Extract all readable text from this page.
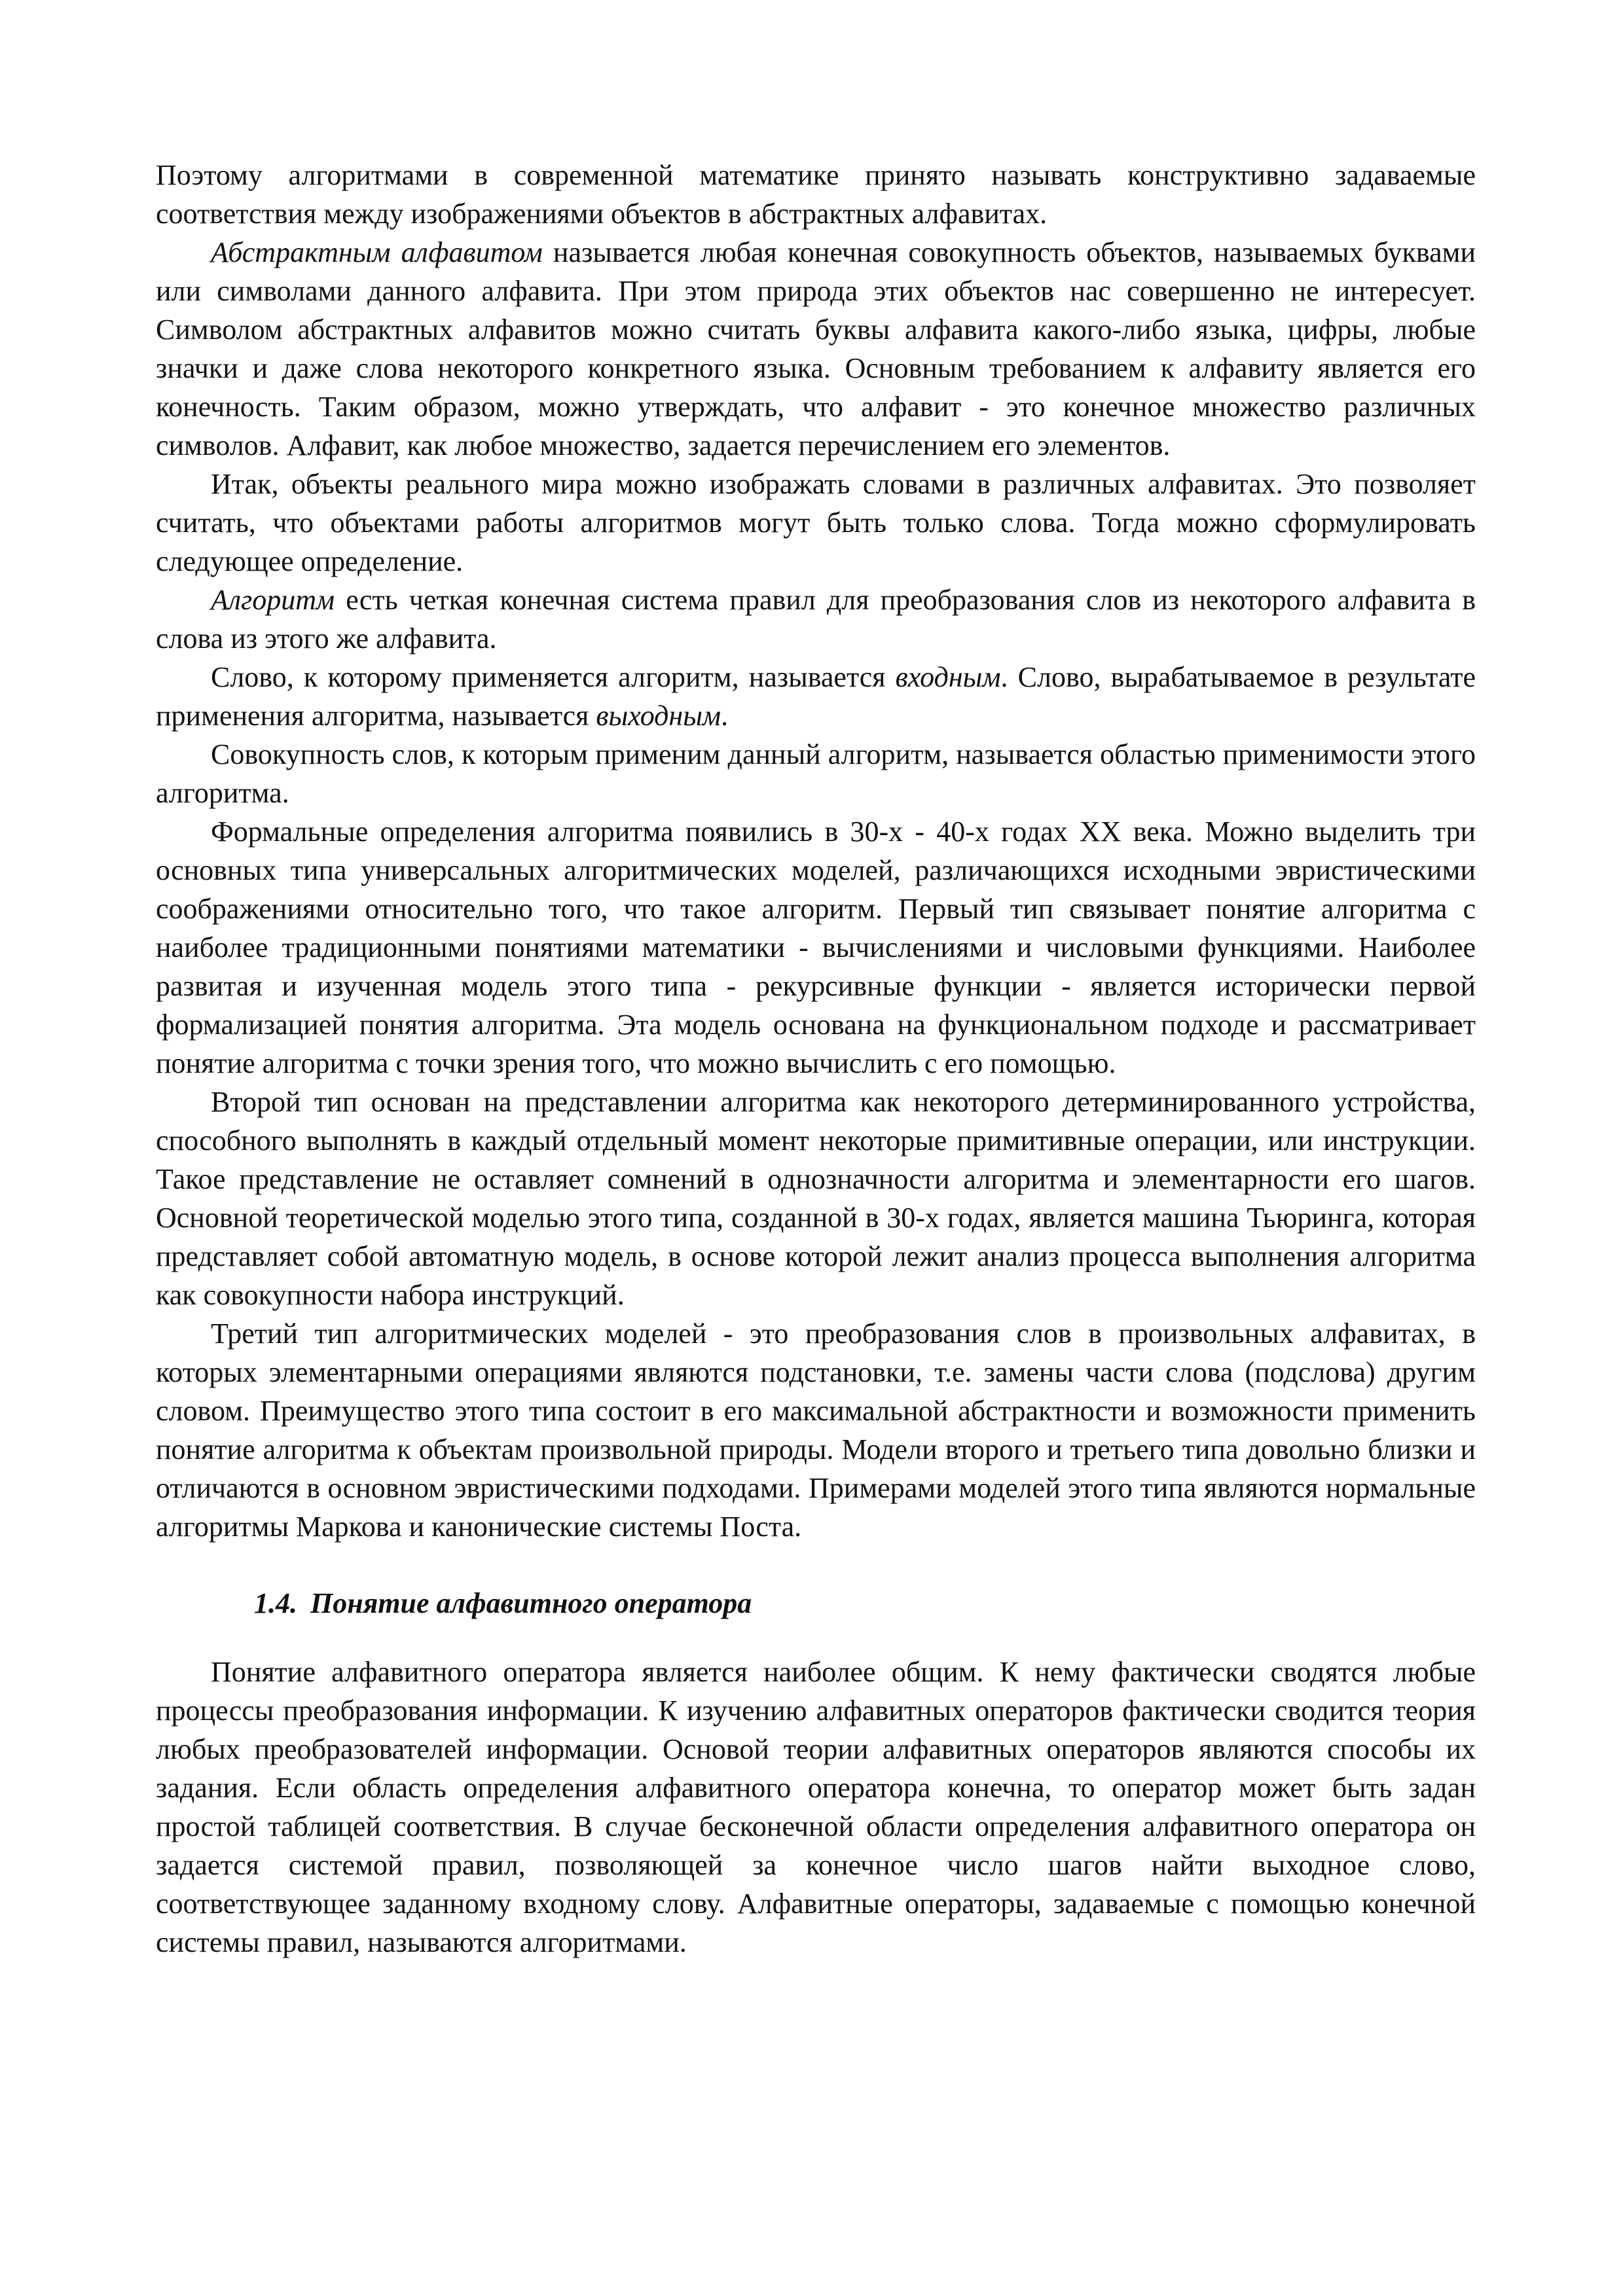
Поэтому алгоритмами в современной математике принято называть конструктивно задаваемые соответствия между изображениями объектов в абстрактных алфавитах.

Абстрактным алфавитом называется любая конечная совокупность объектов, называемых буквами или символами данного алфавита. При этом природа этих объектов нас совершенно не интересует. Символом абстрактных алфавитов можно считать буквы алфавита какого-либо языка, цифры, любые значки и даже слова некоторого конкретного языка. Основным требованием к алфавиту является его конечность. Таким образом, можно утверждать, что алфавит - это конечное множество различных символов. Алфавит, как любое множество, задается перечислением его элементов.

Итак, объекты реального мира можно изображать словами в различных алфавитах. Это позволяет считать, что объектами работы алгоритмов могут быть только слова. Тогда можно сформулировать следующее определение.

Алгоритм есть четкая конечная система правил для преобразования слов из некоторого алфавита в слова из этого же алфавита.

Слово, к которому применяется алгоритм, называется входным. Слово, вырабатываемое в результате применения алгоритма, называется выходным.

Совокупность слов, к которым применим данный алгоритм, называется областью применимости этого алгоритма.

Формальные определения алгоритма появились в 30-х - 40-х годах XX века. Можно выделить три основных типа универсальных алгоритмических моделей, различающихся исходными эвристическими соображениями относительно того, что такое алгоритм. Первый тип связывает понятие алгоритма с наиболее традиционными понятиями математики - вычислениями и числовыми функциями. Наиболее развитая и изученная модель этого типа - рекурсивные функции - является исторически первой формализацией понятия алгоритма. Эта модель основана на функциональном подходе и рассматривает понятие алгоритма с точки зрения того, что можно вычислить с его помощью.

Второй тип основан на представлении алгоритма как некоторого детерминированного устройства, способного выполнять в каждый отдельный момент некоторые примитивные операции, или инструкции. Такое представление не оставляет сомнений в однозначности алгоритма и элементарности его шагов. Основной теоретической моделью этого типа, созданной в 30-х годах, является машина Тьюринга, которая представляет собой автоматную модель, в основе которой лежит анализ процесса выполнения алгоритма как совокупности набора инструкций.

Третий тип алгоритмических моделей - это преобразования слов в произвольных алфавитах, в которых элементарными операциями являются подстановки, т.е. замены части слова (подслова) другим словом. Преимущество этого типа состоит в его максимальной абстрактности и возможности применить понятие алгоритма к объектам произвольной природы. Модели второго и третьего типа довольно близки и отличаются в основном эвристическими подходами. Примерами моделей этого типа являются нормальные алгоритмы Маркова и канонические системы Поста.

1.4. Понятие алфавитного оператора

Понятие алфавитного оператора является наиболее общим. К нему фактически сводятся любые процессы преобразования информации. К изучению алфавитных операторов фактически сводится теория любых преобразователей информации. Основой теории алфавитных операторов являются способы их задания. Если область определения алфавитного оператора конечна, то оператор может быть задан простой таблицей соответствия. В случае бесконечной области определения алфавитного оператора он задается системой правил, позволяющей за конечное число шагов найти выходное слово, соответствующее заданному входному слову. Алфавитные операторы, задаваемые с помощью конечной системы правил, называются алгоритмами.
